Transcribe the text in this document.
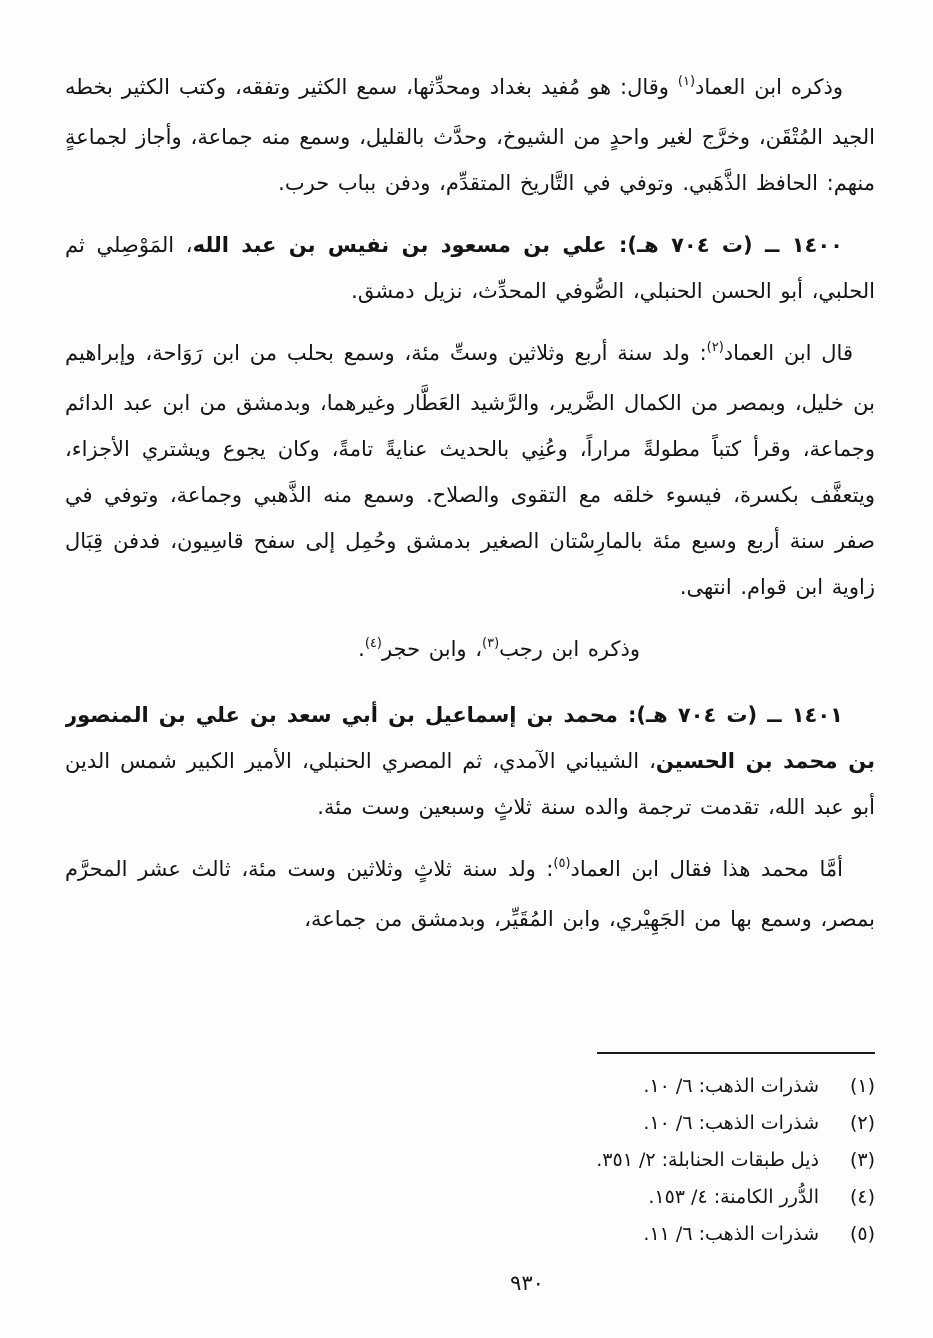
وذكره ابن العماد$^{(١)}$ وقال: هو مُفيد بغداد ومحدِّثها، سمع الكثير وتفقه، وكتب الكثير بخطه الجيد المُتْقَن، وخرَّج لغير واحدٍ من الشيوخ، وحدَّث بالقليل، وسمع منه جماعة، وأجاز لجماعةٍ منهم: الحافظ الذَّهَبي. وتوفي في التَّاريخ المتقدِّم، ودفن بباب حرب.

١٤٠٠ ــ (ت ٧٠٤ هـ): علي بن مسعود بن نفيس بن عبد الله، المَوْصِلي ثم الحلبي، أبو الحسن الحنبلي، الصُّوفي المحدِّث، نزيل دمشق.

قال ابن العماد$^{(٢)}$: ولد سنة أربع وثلاثين وستِّ مئة، وسمع بحلب من ابن رَوَاحة، وإبراهيم بن خليل، وبمصر من الكمال الضَّرير، والرَّشيد العَطَّار وغيرهما، وبدمشق من ابن عبد الدائم وجماعة، وقرأ كتباً مطولةً مراراً، وعُنِي بالحديث عنايةً تامةً، وكان يجوع ويشتري الأجزاء، ويتعفَّف بكسرة، فيسوء خلقه مع التقوى والصلاح. وسمع منه الذَّهبي وجماعة، وتوفي في صفر سنة أربع وسبع مئة بالمارِسْتان الصغير بدمشق وحُمِل إلى سفح قاسِيون، فدفن قِبَال زاوية ابن قوام. انتهى.

وذكره ابن رجب$^{(٣)}$، وابن حجر$^{(٤)}$.

١٤٠١ ــ (ت ٧٠٤ هـ): محمد بن إسماعيل بن أبي سعد بن علي بن المنصور بن محمد بن الحسين، الشيباني الآمدي، ثم المصري الحنبلي، الأمير الكبير شمس الدين أبو عبد الله، تقدمت ترجمة والده سنة ثلاثٍ وسبعين وست مئة.

أمَّا محمد هذا فقال ابن العماد$^{(٥)}$: ولد سنة ثلاثٍ وثلاثين وست مئة، ثالث عشر المحرَّم بمصر، وسمع بها من الجَهِيْري، وابن المُقَيِّر، وبدمشق من جماعة،

(١)
شذرات الذهب: ٦/ ١٠.
(٢)
شذرات الذهب: ٦/ ١٠.
(٣)
ذيل طبقات الحنابلة: ٢/ ٣٥١.
(٤)
الدُّرر الكامنة: ٤/ ١٥٣.
(٥)
شذرات الذهب: ٦/ ١١.
٩٣٠
